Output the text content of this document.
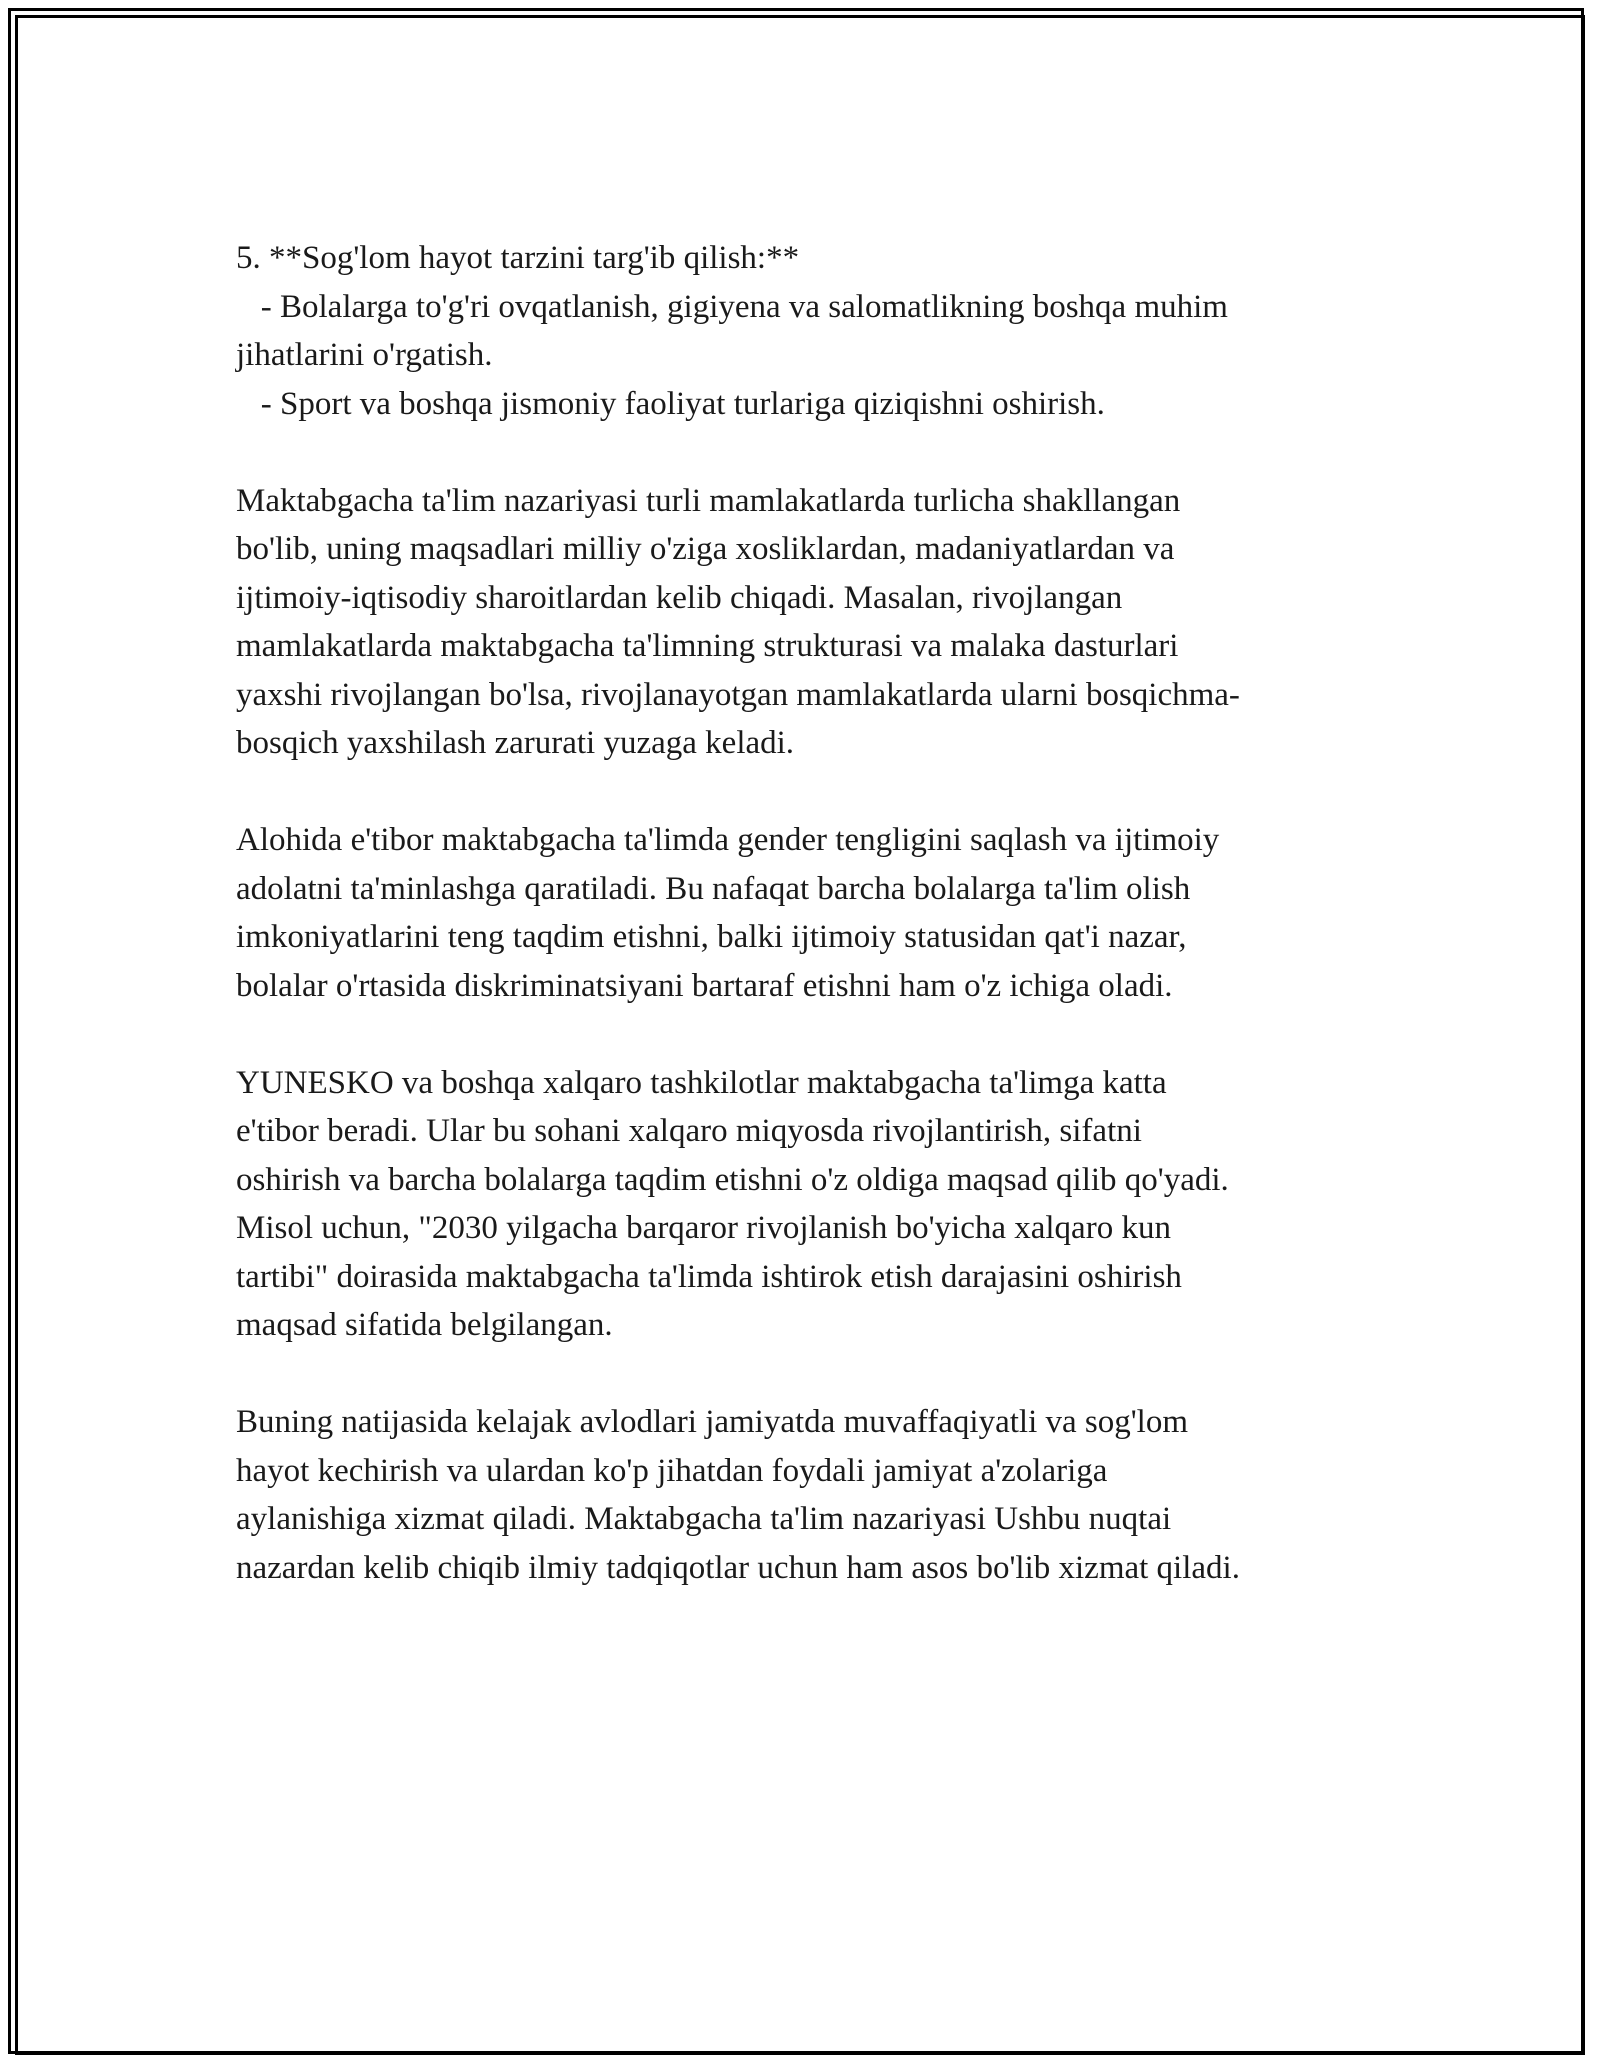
5. **Sog'lom hayot tarzini targ'ib qilish:**
- Bolalarga to'g'ri ovqatlanish, gigiyena va salomatlikning boshqa muhim
jihatlarini o'rgatish.
- Sport va boshqa jismoniy faoliyat turlariga qiziqishni oshirish.

Maktabgacha ta'lim nazariyasi turli mamlakatlarda turlicha shakllangan
bo'lib, uning maqsadlari milliy o'ziga xosliklardan, madaniyatlardan va
ijtimoiy-iqtisodiy sharoitlardan kelib chiqadi. Masalan, rivojlangan
mamlakatlarda maktabgacha ta'limning strukturasi va malaka dasturlari
yaxshi rivojlangan bo'lsa, rivojlanayotgan mamlakatlarda ularni bosqichma-
bosqich yaxshilash zarurati yuzaga keladi.

Alohida e'tibor maktabgacha ta'limda gender tengligini saqlash va ijtimoiy
adolatni ta'minlashga qaratiladi. Bu nafaqat barcha bolalarga ta'lim olish
imkoniyatlarini teng taqdim etishni, balki ijtimoiy statusidan qat'i nazar,
bolalar o'rtasida diskriminatsiyani bartaraf etishni ham o'z ichiga oladi.

YUNESKO va boshqa xalqaro tashkilotlar maktabgacha ta'limga katta
e'tibor beradi. Ular bu sohani xalqaro miqyosda rivojlantirish, sifatni
oshirish va barcha bolalarga taqdim etishni o'z oldiga maqsad qilib qo'yadi.
Misol uchun, "2030 yilgacha barqaror rivojlanish bo'yicha xalqaro kun
tartibi" doirasida maktabgacha ta'limda ishtirok etish darajasini oshirish
maqsad sifatida belgilangan.

Buning natijasida kelajak avlodlari jamiyatda muvaffaqiyatli va sog'lom
hayot kechirish va ulardan ko'p jihatdan foydali jamiyat a'zolariga
aylanishiga xizmat qiladi. Maktabgacha ta'lim nazariyasi Ushbu nuqtai
nazardan kelib chiqib ilmiy tadqiqotlar uchun ham asos bo'lib xizmat qiladi.
